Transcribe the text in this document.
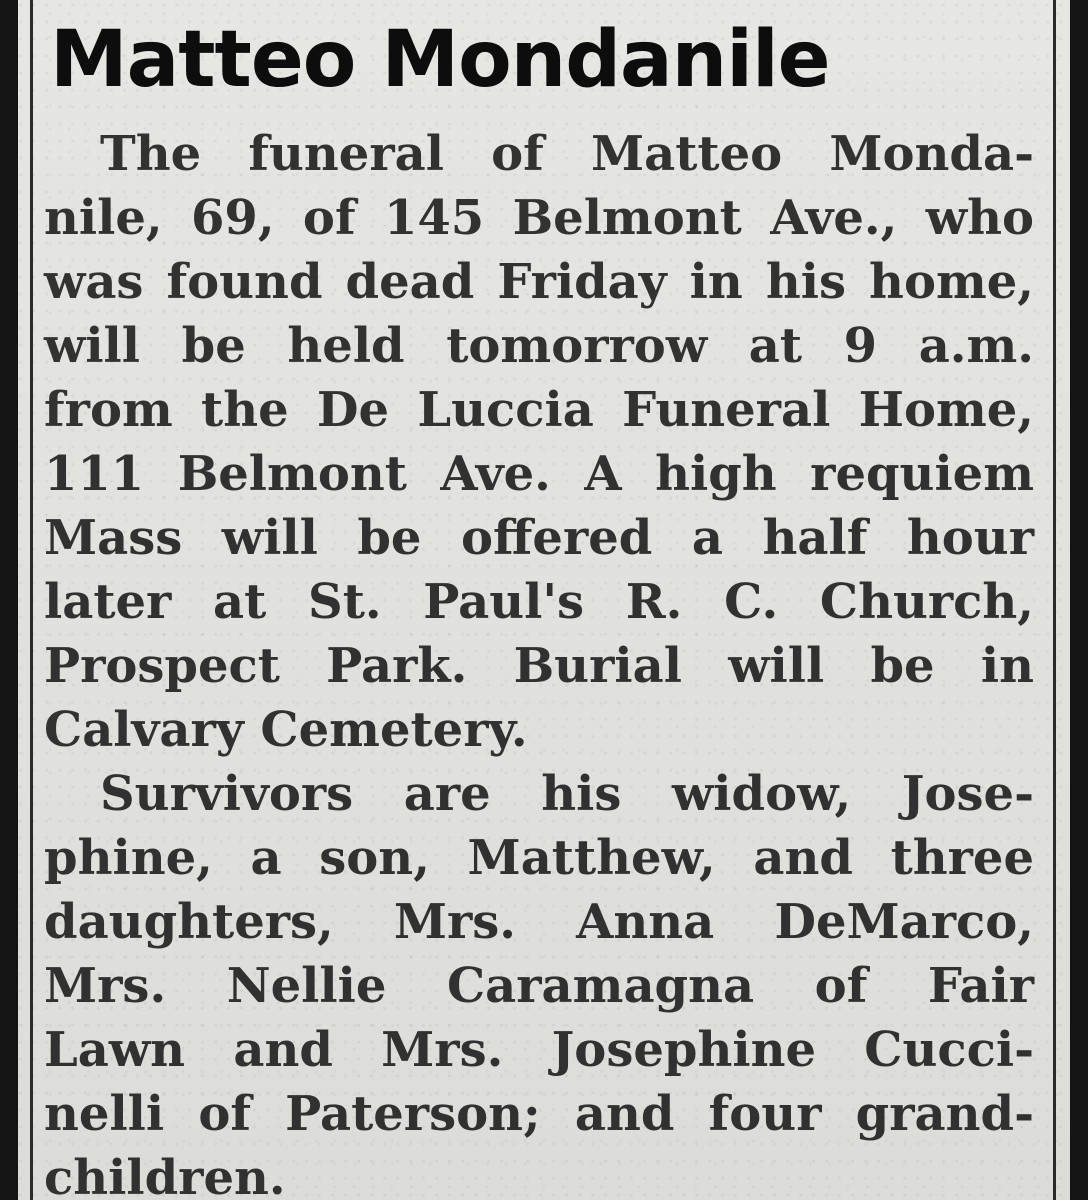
Matteo Mondanile
The funeral of Matteo Monda-
nile, 69, of 145 Belmont Ave., who
was found dead Friday in his home,
will be held tomorrow at 9 a.m.
from the De Luccia Funeral Home,
111 Belmont Ave. A high requiem
Mass will be offered a half hour
later at St. Paul's R. C. Church,
Prospect Park. Burial will be in
Calvary Cemetery.
Survivors are his widow, Jose-
phine, a son, Matthew, and three
daughters, Mrs. Anna DeMarco,
Mrs. Nellie Caramagna of Fair
Lawn and Mrs. Josephine Cucci-
nelli of Paterson; and four grand-
children.
